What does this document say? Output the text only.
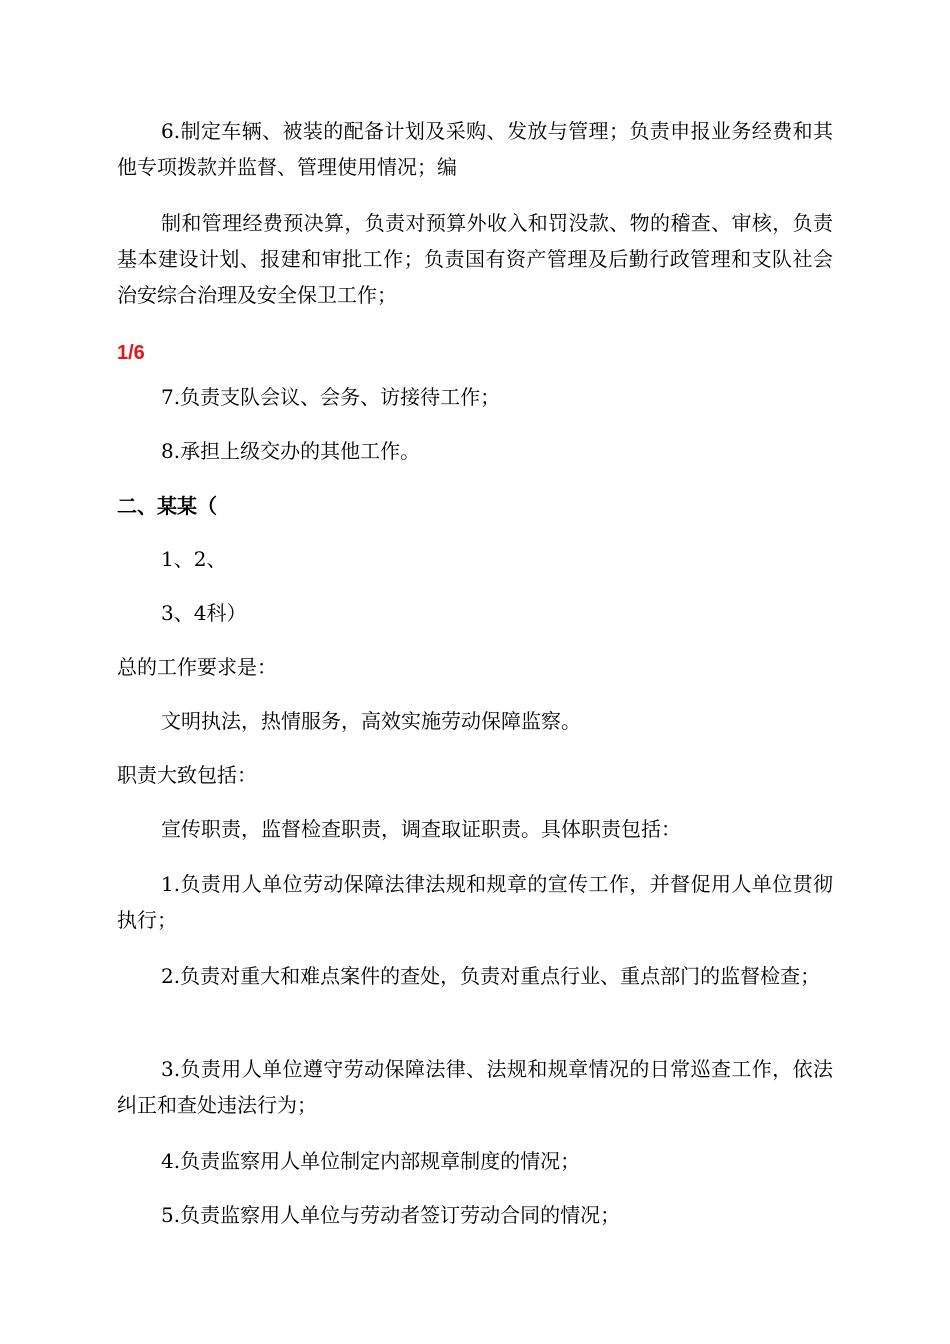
6.制定车辆、被装的配备计划及采购、发放与管理；负责申报业务经费和其他专项拨款并监督、管理使用情况；编

制和管理经费预决算，负责对预算外收入和罚没款、物的稽查、审核，负责基本建设计划、报建和审批工作；负责国有资产管理及后勤行政管理和支队社会治安综合治理及安全保卫工作；

1/6

7.负责支队会议、会务、访接待工作；

8.承担上级交办的其他工作。

二、某某（

1、2、

3、4科）

总的工作要求是：

文明执法，热情服务，高效实施劳动保障监察。

职责大致包括：

宣传职责，监督检查职责，调查取证职责。具体职责包括：

1.负责用人单位劳动保障法律法规和规章的宣传工作，并督促用人单位贯彻执行；

2.负责对重大和难点案件的查处，负责对重点行业、重点部门的监督检查；

3.负责用人单位遵守劳动保障法律、法规和规章情况的日常巡查工作，依法纠正和查处违法行为；

4.负责监察用人单位制定内部规章制度的情况；

5.负责监察用人单位与劳动者签订劳动合同的情况；
